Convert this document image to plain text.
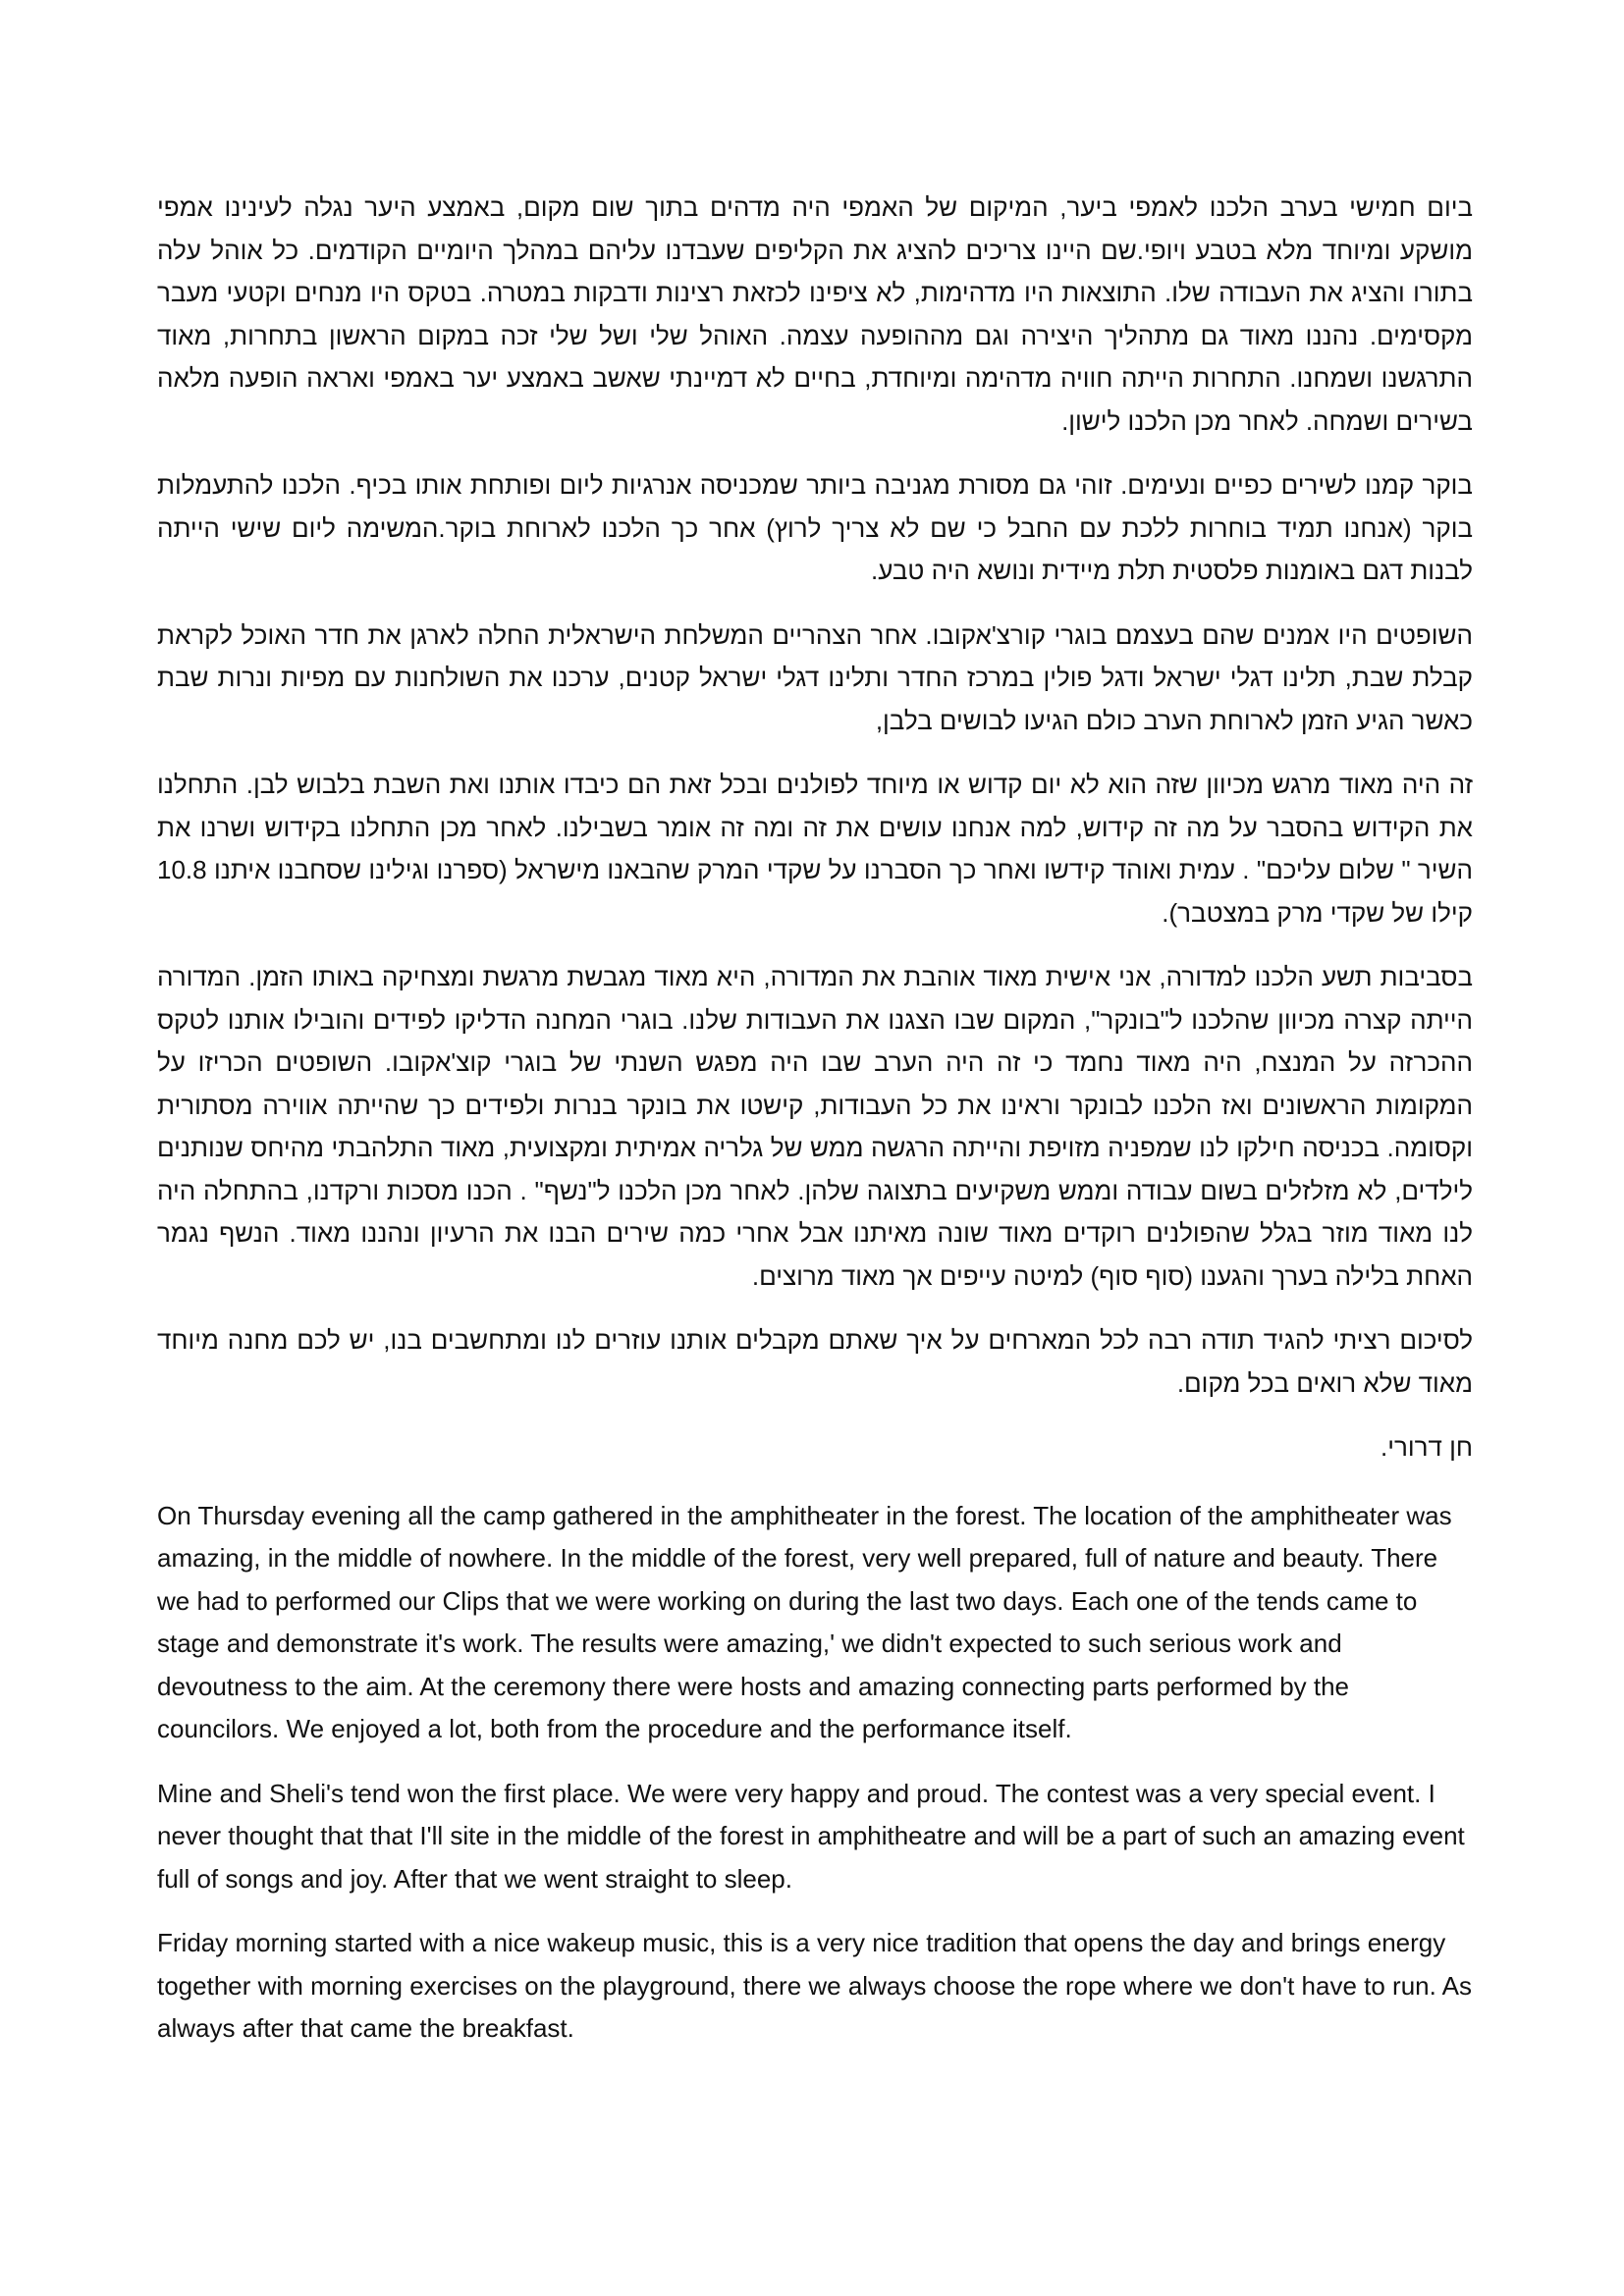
ביום חמישי בערב הלכנו לאמפי ביער, המיקום של האמפי היה מדהים בתוך שום מקום, באמצע היער נגלה לעינינו אמפי מושקע ומיוחד מלא בטבע ויופי.שם היינו צריכים להציג את הקליפים שעבדנו עליהם במהלך היומיים הקודמים. כל אוהל עלה בתורו והציג את העבודה שלו. התוצאות היו מדהימות, לא ציפינו לכזאת רצינות ודבקות במטרה. בטקס היו מנחים וקטעי מעבר מקסימים. נהננו מאוד גם מתהליך היצירה וגם מההופעה עצמה. האוהל שלי ושל שלי זכה במקום הראשון בתחרות, מאוד התרגשנו ושמחנו. התחרות הייתה חוויה מדהימה ומיוחדת, בחיים לא דמיינתי שאשב באמצע יער באמפי ואראה הופעה מלאה בשירים ושמחה. לאחר מכן הלכנו לישון.

בוקר קמנו לשירים כפיים ונעימים. זוהי גם מסורת מגניבה ביותר שמכניסה אנרגיות ליום ופותחת אותו בכיף. הלכנו להתעמלות בוקר (אנחנו תמיד בוחרות ללכת עם החבל כי שם לא צריך לרוץ) אחר כך הלכנו לארוחת בוקר.המשימה ליום שישי הייתה לבנות דגם באומנות פלסטית תלת מיידית ונושא היה טבע.

השופטים היו אמנים שהם בעצמם בוגרי קורצ'אקובו. אחר הצהריים המשלחת הישראלית החלה לארגן את חדר האוכל לקראת קבלת שבת, תלינו דגלי ישראל ודגל פולין במרכז החדר ותלינו דגלי ישראל קטנים, ערכנו את השולחנות עם מפיות ונרות שבת כאשר הגיע הזמן לארוחת הערב כולם הגיעו לבושים בלבן,

זה היה מאוד מרגש מכיוון שזה הוא לא יום קדוש או מיוחד לפולנים ובכל זאת הם כיבדו אותנו ואת השבת בלבוש לבן. התחלנו את הקידוש בהסבר על מה זה קידוש, למה אנחנו עושים את זה ומה זה אומר בשבילנו. לאחר מכן התחלנו בקידוש ושרנו את השיר " שלום עליכם" . עמית ואוהד קידשו ואחר כך הסברנו על שקדי המרק שהבאנו מישראל (ספרנו וגילינו שסחבנו איתנו 10.8 קילו של שקדי מרק במצטבר).

בסביבות תשע הלכנו למדורה, אני אישית מאוד אוהבת את המדורה, היא מאוד מגבשת מרגשת ומצחיקה באותו הזמן. המדורה הייתה קצרה מכיוון שהלכנו ל"בונקר", המקום שבו הצגנו את העבודות שלנו. בוגרי המחנה הדליקו לפידים והובילו אותנו לטקס ההכרזה על המנצח, היה מאוד נחמד כי זה היה הערב שבו היה מפגש השנתי של בוגרי קוצ'אקובו. השופטים הכריזו על המקומות הראשונים ואז הלכנו לבונקר וראינו את כל העבודות, קישטו את בונקר בנרות ולפידים כך שהייתה אווירה מסתורית וקסומה. בכניסה חילקו לנו שמפניה מזויפת והייתה הרגשה ממש של גלריה אמיתית ומקצועית, מאוד התלהבתי מהיחס שנותנים לילדים, לא מזלזלים בשום עבודה וממש משקיעים בתצוגה שלהן. לאחר מכן הלכנו ל"נשף" . הכנו מסכות ורקדנו, בהתחלה היה לנו מאוד מוזר בגלל שהפולנים רוקדים מאוד שונה מאיתנו אבל אחרי כמה שירים הבנו את הרעיון ונהננו מאוד. הנשף נגמר האחת בלילה בערך והגענו (סוף סוף) למיטה עייפים אך מאוד מרוצים.

לסיכום רציתי להגיד תודה רבה לכל המארחים על איך שאתם מקבלים אותנו עוזרים לנו ומתחשבים בנו, יש לכם מחנה מיוחד מאוד שלא רואים בכל מקום.

חן דרורי.

On Thursday evening all the camp gathered in the amphitheater in the forest. The location of the amphitheater was amazing, in the middle of nowhere. In the middle of the forest, very well prepared, full of nature and beauty. There we had to performed our Clips that we were working on during the last two days. Each one of the tends came to stage and demonstrate it's work. The results were amazing,' we didn't expected to such serious work and devoutness to the aim. At the ceremony there were hosts and amazing connecting parts performed by the councilors. We enjoyed a lot, both from the procedure and the performance itself.

Mine and Sheli's tend won the first place. We were very happy and proud. The contest was a very special event. I never thought that that I'll site in the middle of the forest in amphitheatre and will be a part of such an amazing event full of songs and joy. After that we went straight to sleep.

Friday morning started with a nice wakeup music, this is a very nice tradition that opens the day and brings energy together with morning exercises on the playground, there we always choose the rope where we don't have to run. As always after that came the breakfast.
